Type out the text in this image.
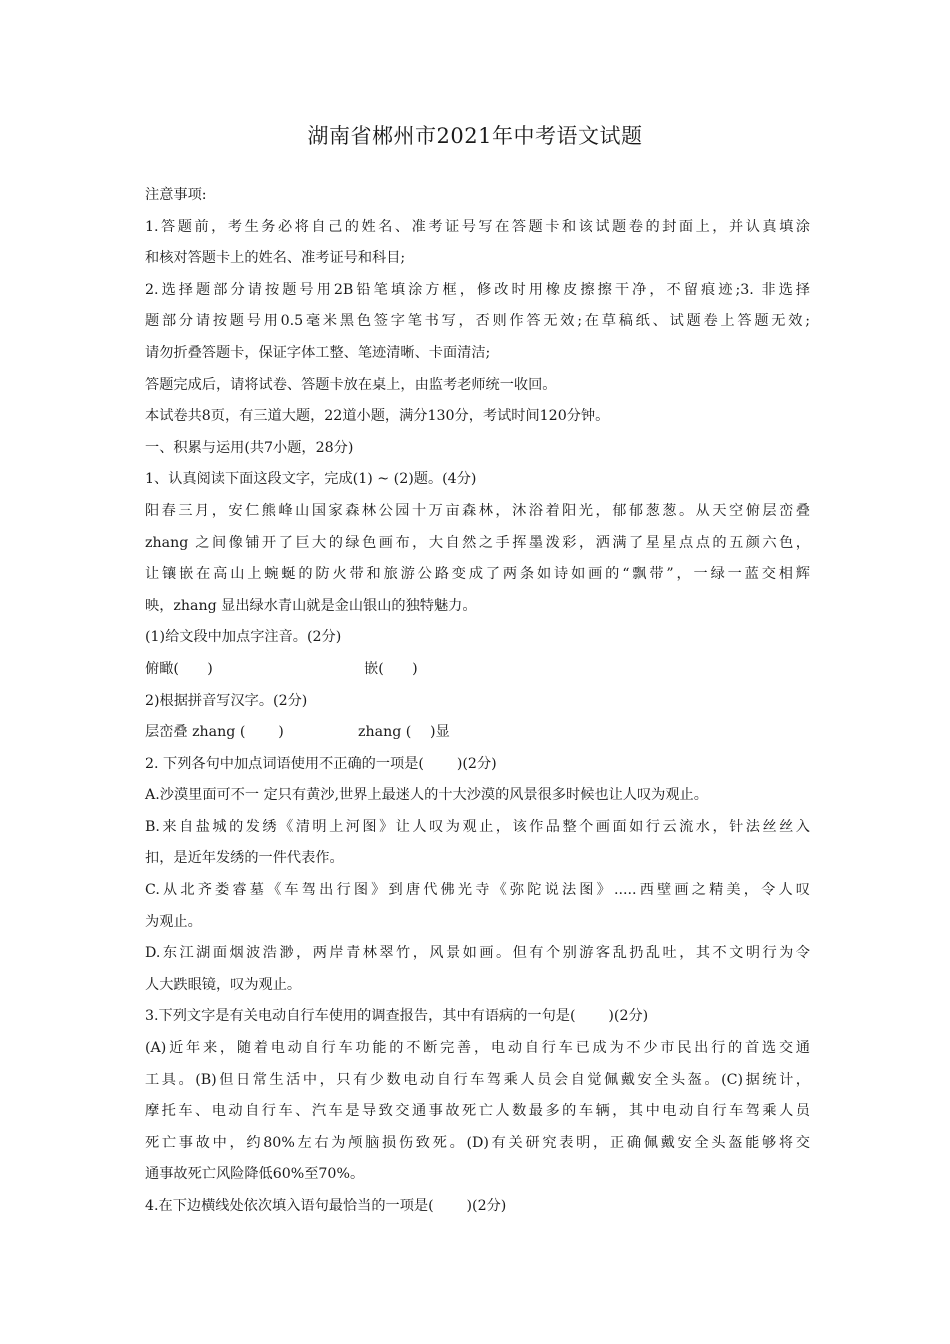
湖南省郴州市2021年中考语文试题
注意事项:
1.答题前，考生务必将自己的姓名、准考证号写在答题卡和该试题卷的封面上，并认真填涂
和核对答题卡上的姓名、准考证号和科目;
2.选择题部分请按题号用2B铅笔填涂方框，修改时用橡皮擦擦干净，不留痕迹;3. 非选择
题部分请按题号用0.5毫米黑色签字笔书写，否则作答无效;在草稿纸、试题卷上答题无效;
请勿折叠答题卡，保证字体工整、笔迹清晰、卡面清洁;
答题完成后，请将试卷、答题卡放在桌上，由监考老师统一收回。
本试卷共8页，有三道大题，22道小题，满分130分，考试时间120分钟。
一、积累与运用(共7小题，28分)
1、认真阅读下面这段文字，完成(1) ~ (2)题。(4分)
阳春三月，安仁熊峰山国家森林公园十万亩森林，沐浴着阳光，郁郁葱葱。从天空俯层峦叠
zhang 之间像铺开了巨大的绿色画布，大自然之手挥墨泼彩，洒满了星星点点的五颜六色，
让镶嵌在高山上蜿蜒的防火带和旅游公路变成了两条如诗如画的“飘带”，一绿一蓝交相辉
映，zhang 显出绿水青山就是金山银山的独特魅力。
(1)给文段中加点字注音。(2分)
俯瞰(　　)	嵌(　　)
2)根据拼音写汉字。(2分)
层峦叠 zhang (　　 )	zhang (　 )显
2. 下列各句中加点词语使用不正确的一项是(　　 )(2分)
A.沙漠里面可不一 定只有黄沙,世界上最迷人的十大沙漠的风景很多时候也让人叹为观止。
B.来自盐城的发绣《清明上河图》让人叹为观止，该作品整个画面如行云流水，针法丝丝入
扣，是近年发绣的一件代表作。
C.从北齐娄睿墓《车驾出行图》到唐代佛光寺《弥陀说法图》.....西壁画之精美，令人叹
为观止。
D.东江湖面烟波浩渺，两岸青林翠竹，风景如画。但有个别游客乱扔乱吐，其不文明行为令
人大跌眼镜，叹为观止。
3.下列文字是有关电动自行车使用的调查报告，其中有语病的一句是(　　 )(2分)
(A)近年来，随着电动自行车功能的不断完善，电动自行车已成为不少市民出行的首选交通
工具。(B)但日常生活中，只有少数电动自行车驾乘人员会自觉佩戴安全头盔。(C)据统计，
摩托车、电动自行车、汽车是导致交通事故死亡人数最多的车辆，其中电动自行车驾乘人员
死亡事故中，约80%左右为颅脑损伤致死。(D)有关研究表明，正确佩戴安全头盔能够将交
通事故死亡风险降低60%至70%。
4.在下边横线处依次填入语句最恰当的一项是(　　 )(2分)
